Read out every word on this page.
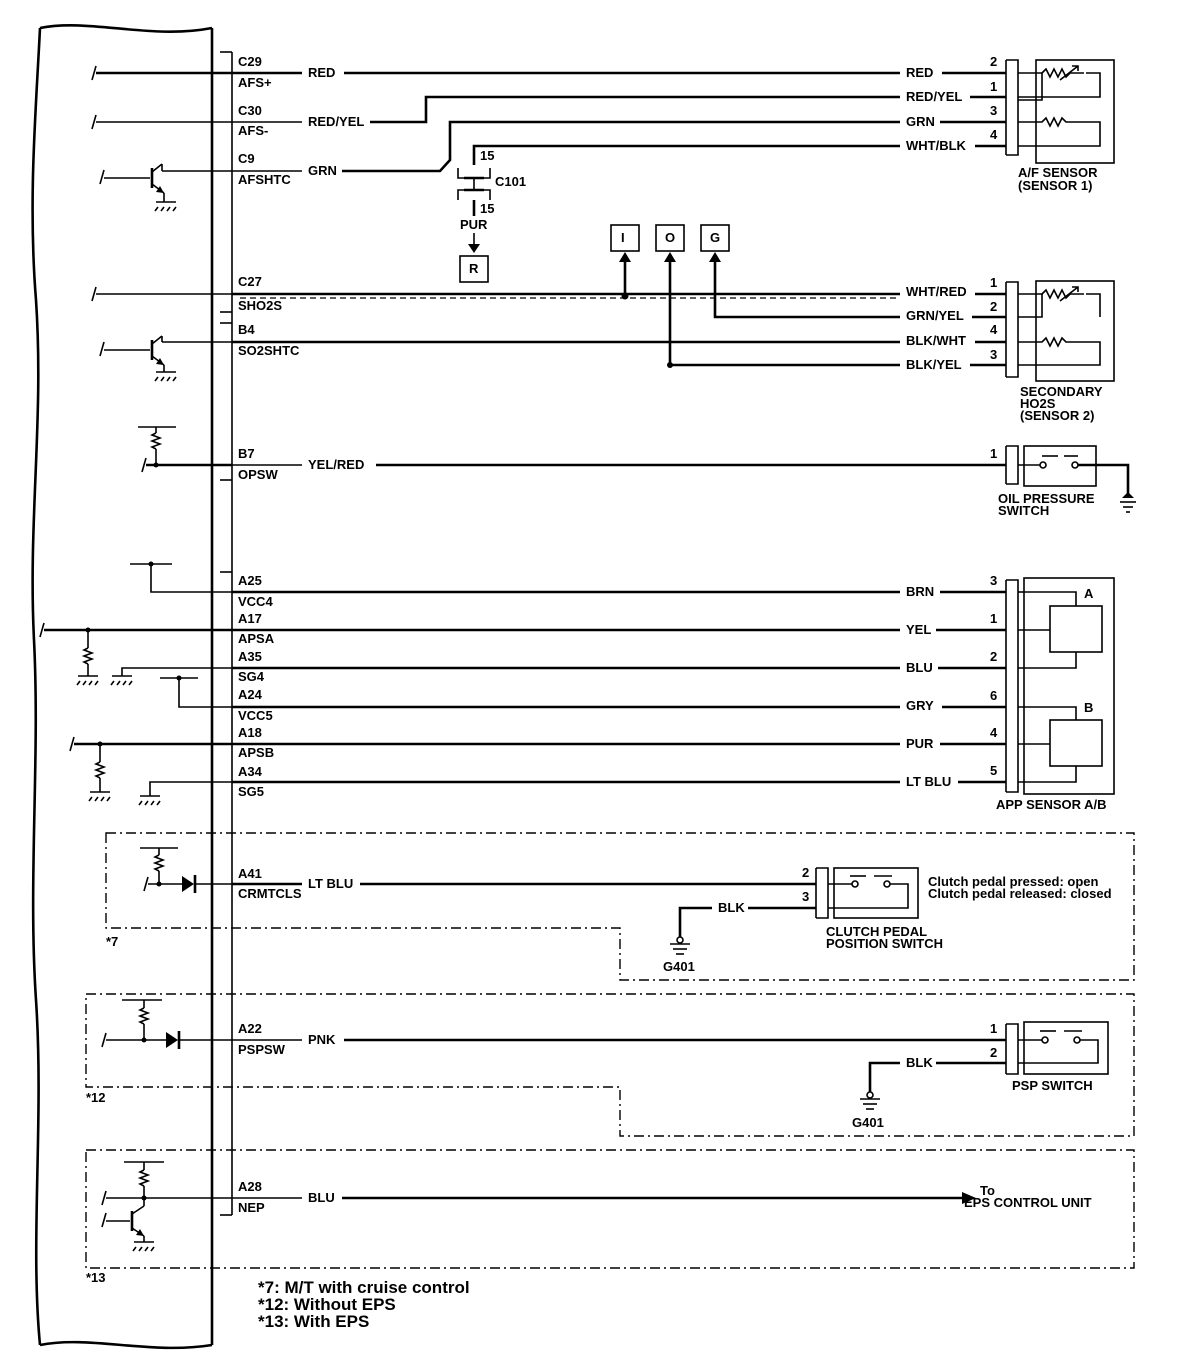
C29
AFS+
C30
AFS-
C9
AFSHTC
C27
SHO2S
B4
SO2SHTC
B7
OPSW
A25
VCC4
A17
APSA
A35
SG4
A24
VCC5
A18
APSB
A34
SG5
A41
CRMTCLS
A22
PSPSW
A28
NEP
RED	RED
RED/YEL
RED/YEL
GRN
GRN
WHT/BLK
15
C101
15
PUR
R
2
1
3
4
A/F SENSOR
(SENSOR 1)
I	O	G
WHT/RED
GRN/YEL
BLK/WHT
BLK/YEL
1
2
4
3
SECONDARY
HO2S
(SENSOR 2)
YEL/RED
1
OIL PRESSURE
SWITCH
BRN
YEL
BLU
GRY
PUR
LT BLU
3
1
2
6
4
5
A
B
APP SENSOR A/B
*7
LT BLU
BLK
G401
2
3
CLUTCH PEDAL
POSITION SWITCH
Clutch pedal pressed: open
Clutch pedal released: closed
*12
PNK
BLK
G401
1
2
PSP SWITCH
*13
BLU	To
EPS CONTROL UNIT
*7: M/T with cruise control
*12: Without EPS
*13: With EPS
